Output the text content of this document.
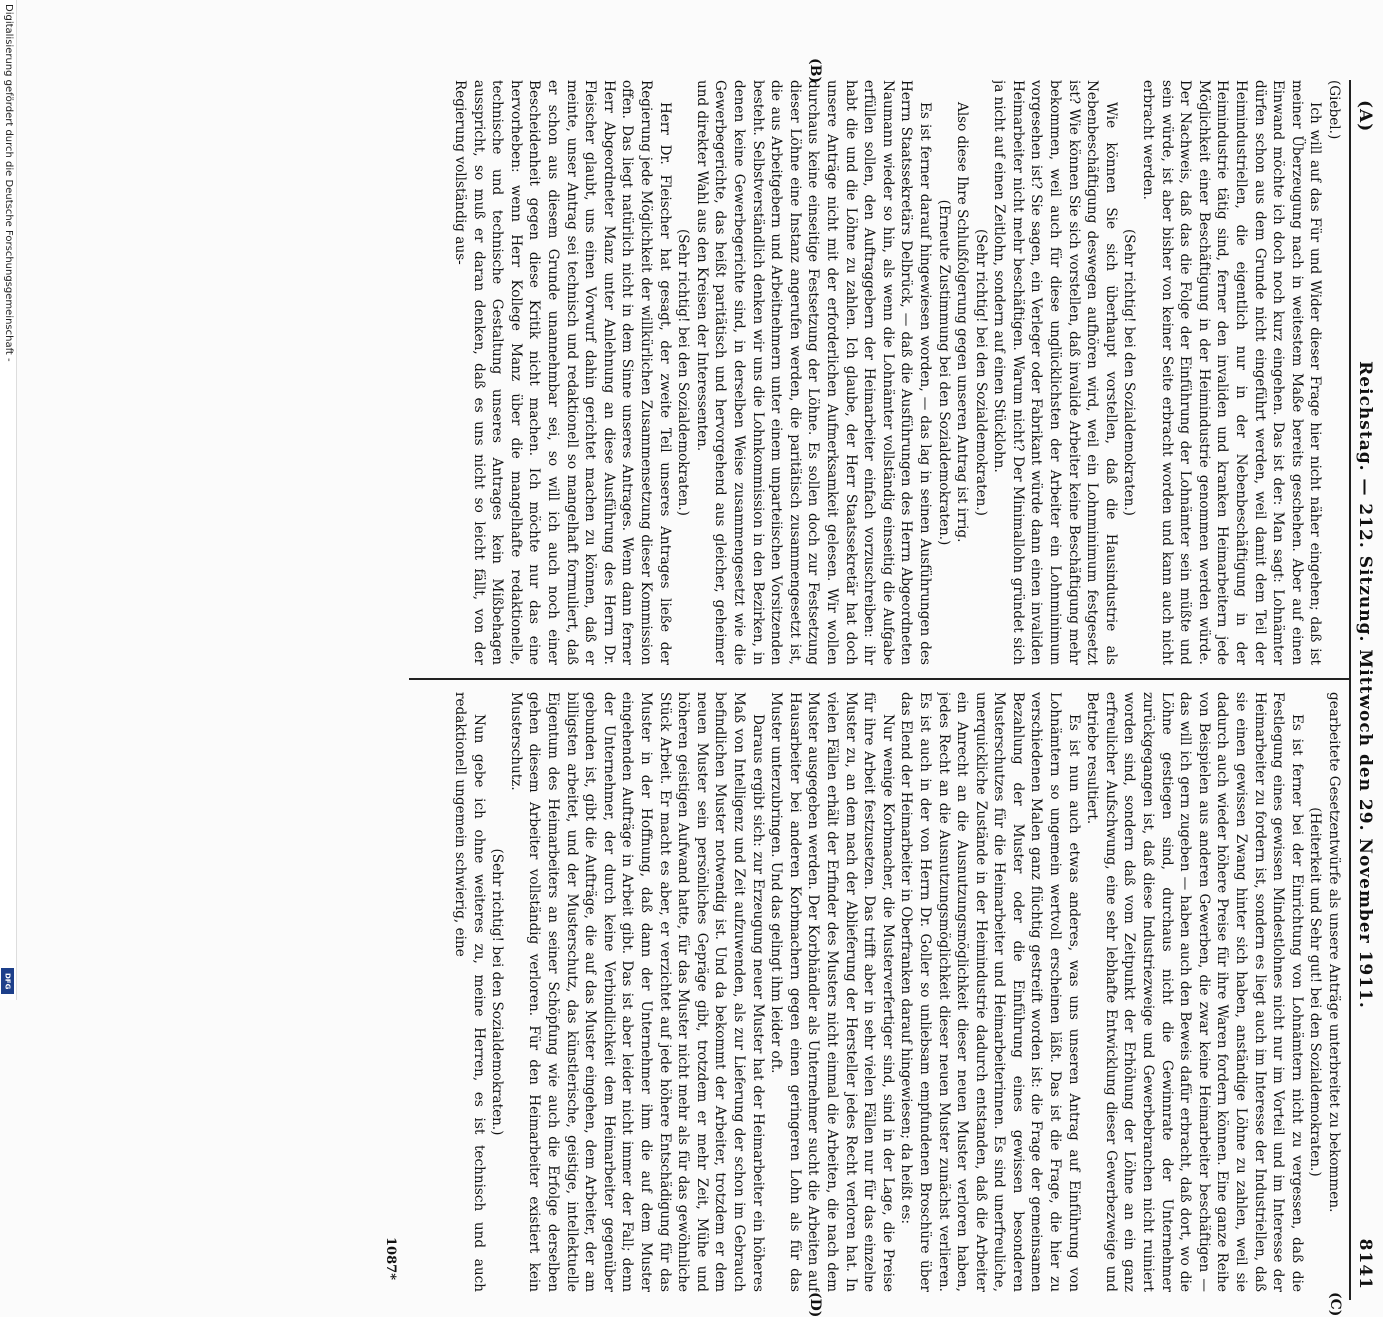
Digitalisierung gefördert durch die Deutsche Forschungsgemeinschaft -
DFG
(A)
Reichstag. — 212. Sitzung. Mittwoch den 29. November 1911.
8141

(Giebel.)

Ich will auf das Für und Wider dieser Frage hier nicht näher eingehen; daß ist meiner Überzeugung nach in weitestem Maße bereits geschehen. Aber auf einen Einwand möchte ich doch noch kurz eingehen. Das ist der: Man sagt: Lohnämter dürfen schon aus dem Grunde nicht eingeführt werden, weil damit dem Teil der Heimindustriellen, die eigentlich nur in der Nebenbeschäftigung in der Heimindustrie tätig sind, ferner den invaliden und kranken Heimarbeitern jede Möglichkeit einer Beschäftigung in der Heimindustrie genommen werden würde. Der Nachweis, daß das die Folge der Einführung der Lohnämter sein müßte und sein würde, ist aber bisher von keiner Seite erbracht worden und kann auch nicht erbracht werden.

(Sehr richtig! bei den Sozialdemokraten.)

Wie können Sie sich überhaupt vorstellen, daß die Hausindustrie als Nebenbeschäftigung deswegen aufhören wird, weil ein Lohnminimum festgesetzt ist? Wie können Sie sich vorstellen, daß invalide Arbeiter keine Beschäftigung mehr bekommen, weil auch für diese unglücklichsten der Arbeiter ein Lohnminimum vorgesehen ist? Sie sagen, ein Verleger oder Fabrikant würde dann einen invaliden Heimarbeiter nicht mehr beschäftigen. Warum nicht? Der Minimallohn gründet sich ja nicht auf einen Zeitlohn, sondern auf einen Stücklohn.

(Sehr richtig! bei den Sozialdemokraten.)

Also diese Ihre Schlußfolgerung gegen unseren Antrag ist irrig.

(Erneute Zustimmung bei den Sozialdemokraten.)

Es ist ferner darauf hingewiesen worden, — das lag in seinen Ausführungen des Herrn Staatssekretärs Delbrück, — daß die Ausführungen des Herrn Abgeordneten Naumann wieder so hin, als wenn die Lohnämter vollständig einseitig die Aufgabe erfüllen sollen, den Auftraggebern der Heimarbeiter einfach vorzuschreiben: ihr habt die und die Löhne zu zahlen. Ich glaube, der Herr Staatssekretär hat doch unsere Anträge nicht mit der erforderlichen Aufmerksamkeit gelesen. Wir wollen durchaus keine einseitige Festsetzung der Löhne. Es sollen doch zur Festsetzung dieser Löhne eine Instanz angerufen werden, die paritätisch zusammengesetzt ist, die aus Arbeitgebern und Arbeitnehmern unter einem unparteiischen Vorsitzenden besteht. Selbstverständlich denken wir uns die Lohnkommission in den Bezirken, in denen keine Gewerbegerichte sind, in derselben Weise zusammengesetzt wie die Gewerbegerichte, das heißt paritätisch und hervorgehend aus gleicher, geheimer und direkter Wahl aus den Kreisen der Interessenten.

(Sehr richtig! bei den Sozialdemokraten.)

Herr Dr. Fleischer hat gesagt, der zweite Teil unseres Antrages ließe der Regierung jede Möglichkeit der willkürlichen Zusammensetzung dieser Kommission offen. Das liegt natürlich nicht in dem Sinne unseres Antrages. Wenn dann ferner Herr Abgeordneter Manz unter Anlehnung an diese Ausführung des Herrn Dr. Fleischer glaubt, uns einen Vorwurf dahin gerichtet machen zu können, daß er meinte, unser Antrag sei technisch und redaktionell so mangelhaft formuliert, daß er schon aus diesem Grunde unannehmbar sei, so will ich auch noch einer Bescheidenheit gegen diese Kritik nicht machen. Ich möchte nur das eine hervorheben: wenn Herr Kollege Manz über die mangelhafte redaktionelle, technische und technische Gestaltung unseres Antrages kein Mißbehagen ausspricht, so muß er daran denken, daß es uns nicht so leicht fällt, von der Regierung vollständig aus-

gearbeitete Gesetzentwürfe als unsere Anträge unterbreitet zu bekommen.

(Heiterkeit und Sehr gut! bei den Sozialdemokraten.)

Es ist ferner bei der Einrichtung von Lohnämtern nicht zu vergessen, daß die Festlegung eines gewissen Mindestlohnes nicht nur im Vorteil und im Interesse der Heimarbeiter zu fordern ist, sondern es liegt auch im Interesse der Industriellen, daß sie einen gewissen Zwang hinter sich haben, anständige Löhne zu zahlen, weil sie dadurch auch wieder höhere Preise für ihre Waren fordern können. Eine ganze Reihe von Beispielen aus anderen Gewerben, die zwar keine Heimarbeiter beschäftigen — das will ich gern zugeben — haben auch den Beweis dafür erbracht, daß dort, wo die Löhne gestiegen sind, durchaus nicht die Gewinnrate der Unternehmer zurückgegangen ist, daß diese Industriezweige und Gewerbebranchen nicht ruiniert worden sind, sondern daß vom Zeitpunkt der Erhöhung der Löhne an ein ganz erfreulicher Aufschwung, eine sehr lebhafte Entwicklung dieser Gewerbezweige und Betriebe resultiert.

Es ist nun auch etwas anderes, was uns unseren Antrag auf Einführung von Lohnämtern so ungemein wertvoll erscheinen läßt. Das ist die Frage, die hier zu verschiedenen Malen ganz flüchtig gestreift worden ist: die Frage der gemeinsamen Bezahlung der Muster oder die Einführung eines gewissen besonderen Musterschutzes für die Heimarbeiter und Heimarbeiterinnen. Es sind unerfreuliche, unerquickliche Zustände in der Heimindustrie dadurch entstanden, daß die Arbeiter ein Anrecht an die Ausnutzungsmöglichkeit dieser neuen Muster verloren haben, jedes Recht an die Ausnutzungsmöglichkeit dieser neuen Muster zunächst verlieren. Es ist auch in der von Herrn Dr. Goller so unliebsam empfundenen Broschüre über das Elend der Heimarbeiter in Oberfranken darauf hingewiesen; da heißt es:

Nur wenige Korbmacher, die Musterverfertiger sind, sind in der Lage, die Preise für ihre Arbeit festzusetzen. Das trifft aber in sehr vielen Fällen nur für das einzelne Muster zu, an dem nach der Ablieferung der Hersteller jedes Recht verloren hat. In vielen Fällen erhält der Erfinder des Musters nicht einmal die Arbeiten, die nach dem Muster ausgegeben werden. Der Korbhändler als Unternehmer sucht die Arbeiten auf Hausarbeiter bei anderen Korbmachern gegen einen geringeren Lohn als für das Muster unterzubringen. Und das gelingt ihm leider oft.

Daraus ergibt sich: zur Erzeugung neuer Muster hat der Heimarbeiter ein höheres Maß von Intelligenz und Zeit aufzuwenden, als zur Lieferung der schon im Gebrauch befindlichen Muster notwendig ist. Und da bekommt der Arbeiter, trotzdem er dem neuen Muster sein persönliches Gepräge gibt, trotzdem er mehr Zeit, Mühe und höheren geistigen Aufwand hatte, für das Muster nicht mehr als für das gewöhnliche Stück Arbeit. Er macht es aber, er verzichtet auf jede höhere Entschädigung für das Muster in der Hoffnung, daß dann der Unternehmer ihm die auf dem Muster eingehenden Aufträge in Arbeit gibt. Das ist aber leider nicht immer der Fall; denn der Unternehmer, der durch keine Verbindlichkeit dem Heimarbeiter gegenüber gebunden ist, gibt die Aufträge, die auf das Muster eingehen, dem Arbeiter, der am billigsten arbeitet, und der Musterschutz, das künstlerische, geistige, intellektuelle Eigentum des Heimarbeiters an seiner Schöpfung wie auch die Erfolge derselben gehen diesem Arbeiter vollständig verloren. Für den Heimarbeiter existiert kein Musterschutz.

(Sehr richtig! bei den Sozialdemokraten.)

Nun gebe ich ohne weiteres zu, meine Herren, es ist technisch und auch redaktionell ungemein schwierig, eine

(B)
(C)
(D)
1087*
